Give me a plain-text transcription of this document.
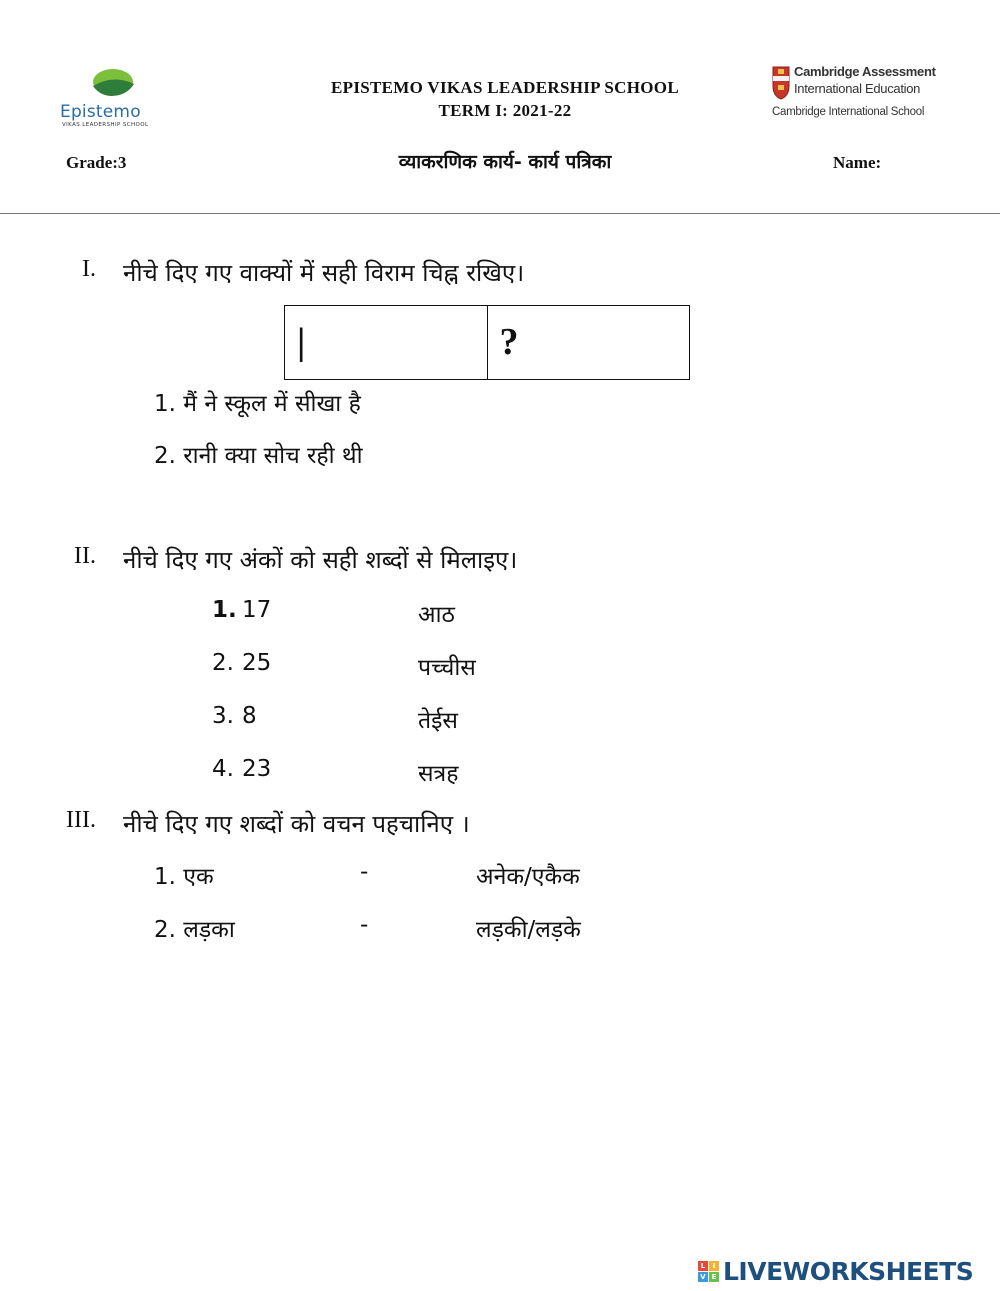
Epistemo
VIKAS LEADERSHIP SCHOOL
EPISTEMO VIKAS LEADERSHIP SCHOOL
TERM I: 2021-22
Cambridge Assessment
International Education
Cambridge International School
Grade:3	व्याकरणिक कार्य- कार्य पत्रिका	Name:
I. नीचे दिए गए वाक्यों में सही विराम चिह्न रखिए।
|	?
1. मैं ने स्कूल में सीखा है
2. रानी क्या सोच रही थी
II. नीचे दिए गए अंकों को सही शब्दों से मिलाइए।
1. 17	आठ
2. 25	पच्चीस
3. 8	तेईस
4. 23	सत्रह
III. नीचे दिए गए शब्दों को वचन पहचानिए ।
1. एक	-	अनेक/एकैक
2. लड़का	-	लड़की/लड़के
L	I
V E LIVEWORKSHEETS
